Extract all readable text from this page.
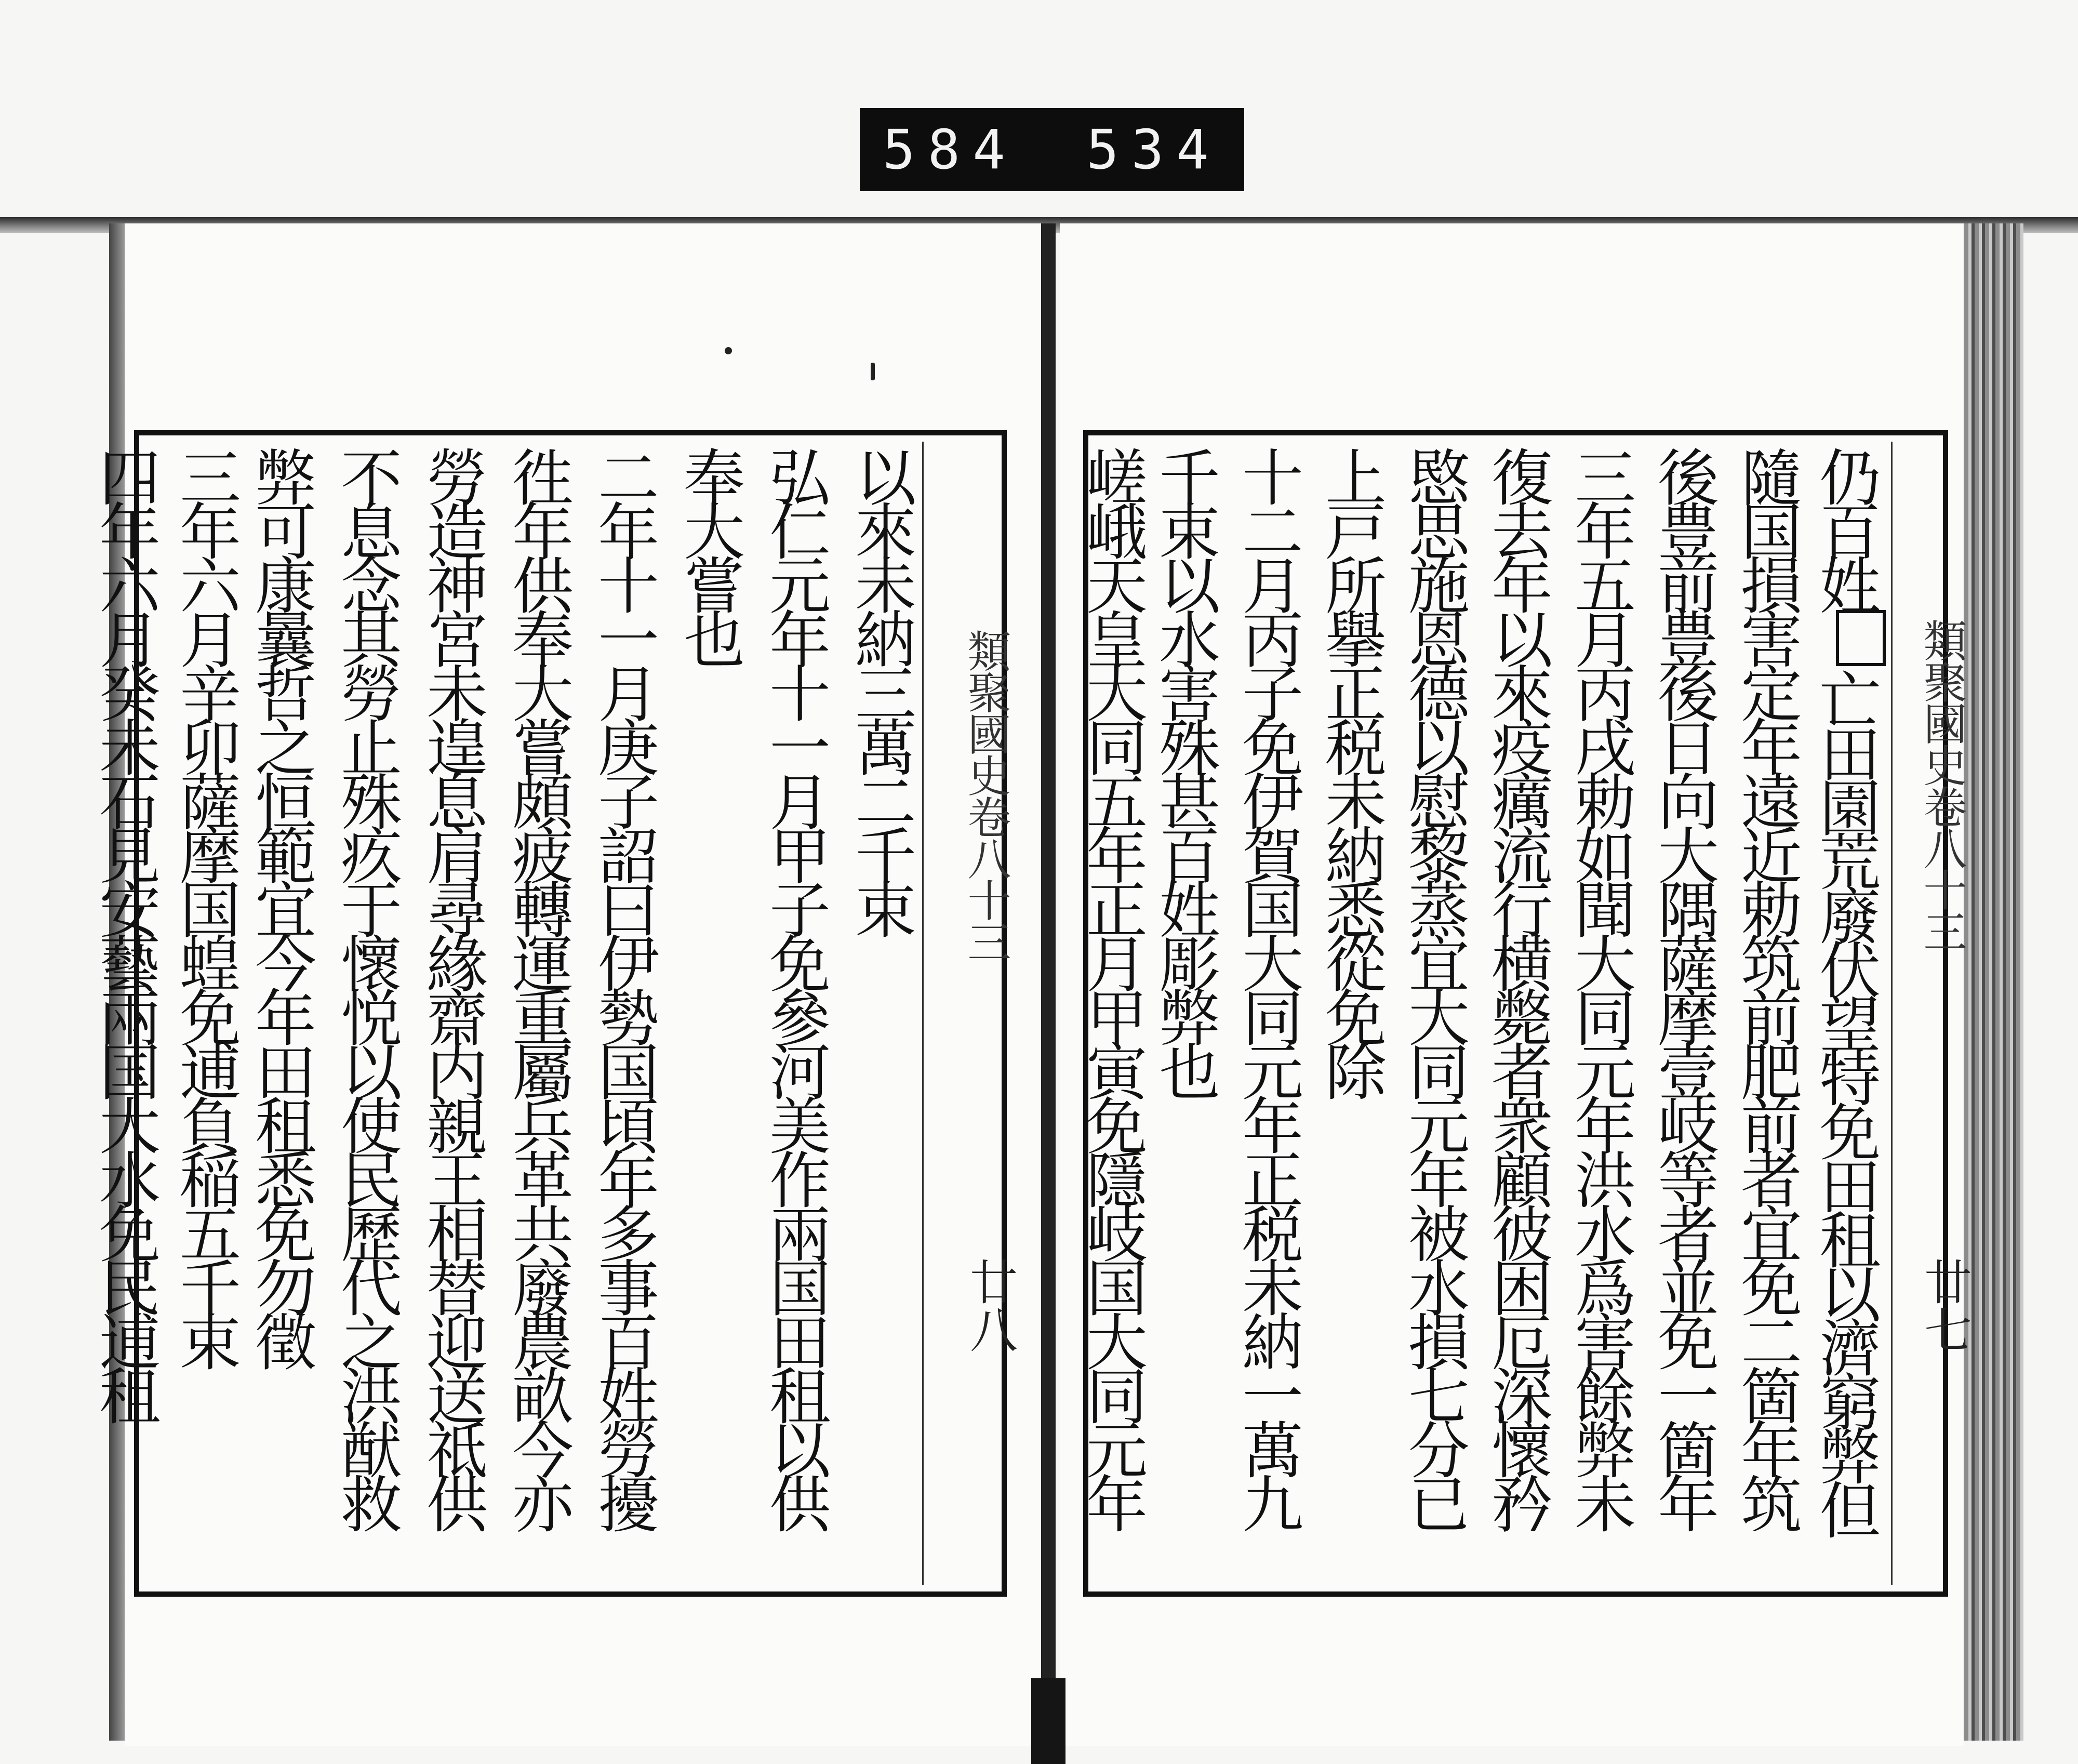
584 534
類聚國史卷八十三
廿八
以來未納三萬二千束
弘仁元年十一月甲子免參河美作兩国田租以供
奉大嘗也
二年十一月庚子詔曰伊勢国頃年多事百姓勞擾
徃年供奉大嘗頗疲轉運重屬兵革共廢農畝今亦
勞造神宮未遑息肩尋緣齋内親王相替迎送祗供
不息念其勞止殊疚于懷悦以使民歷代之洪猷救
弊可康曩哲之恒範宜今年田租悉免勿徵
三年六月辛卯薩摩国蝗免逋負稲五千束
四年六月癸未石見安藝兩国大水免民逋租	類聚國史卷八十三
廿七
仍百姓亡田園荒廢伏望特免田租以濟窮弊但
隨国損害定年遠近勅筑前肥前者宜免二箇年筑
後豊前豊後日向大隅薩摩壹岐等者並免一箇年
三年五月丙戌勅如聞大同元年洪水爲害餘弊未
復去年以來疫癘流行横斃者衆顧彼困厄深懷矜
愍思施恩德以慰黎蒸宜大同元年被水損七分已
上戸所擧正税未納悉從免除
十二月丙子免伊賀国大同元年正税未納一萬九
千束以水害殊甚百姓彫弊也
嵯峨天皇大同五年正月甲寅免隱岐国大同元年
